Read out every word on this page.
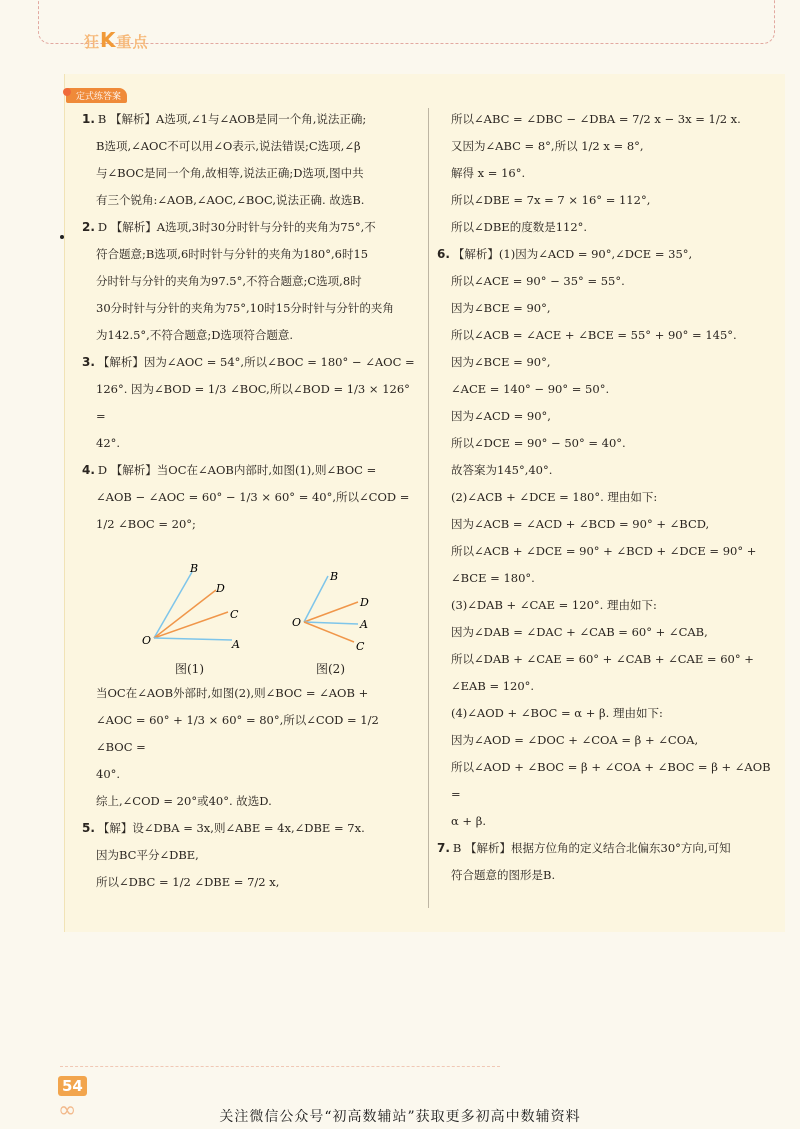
狂K重点
定式练答案

1. B 【解析】A选项,∠1与∠AOB是同一个角,说法正确;

B选项,∠AOC不可以用∠O表示,说法错误;C选项,∠β

与∠BOC是同一个角,故相等,说法正确;D选项,图中共

有三个锐角:∠AOB,∠AOC,∠BOC,说法正确. 故选B.

2. D 【解析】A选项,3时30分时针与分针的夹角为75°,不

符合题意;B选项,6时时针与分针的夹角为180°,6时15

分时针与分针的夹角为97.5°,不符合题意;C选项,8时

30分时针与分针的夹角为75°,10时15分时针与分针的夹角

为142.5°,不符合题意;D选项符合题意.

3. 【解析】因为∠AOC = 54°,所以∠BOC = 180° − ∠AOC =

126°. 因为∠BOD = 1/3 ∠BOC,所以∠BOD = 1/3 × 126° =

42°.

4. D 【解析】当OC在∠AOB内部时,如图(1),则∠BOC =

∠AOB − ∠AOC = 60° − 1/3 × 60° = 40°,所以∠COD =

1/2 ∠BOC = 20°;

B
D
C
A
O
图(1)
B
D
A
C
O
图(2)

当OC在∠AOB外部时,如图(2),则∠BOC = ∠AOB +

∠AOC = 60° + 1/3 × 60° = 80°,所以∠COD = 1/2 ∠BOC =

40°.

综上,∠COD = 20°或40°. 故选D.

5. 【解】设∠DBA = 3x,则∠ABE = 4x,∠DBE = 7x.

因为BC平分∠DBE,

所以∠DBC = 1/2 ∠DBE = 7/2 x,

所以∠ABC = ∠DBC − ∠DBA = 7/2 x − 3x = 1/2 x.

又因为∠ABC = 8°,所以 1/2 x = 8°,

解得 x = 16°.

所以∠DBE = 7x = 7 × 16° = 112°,

所以∠DBE的度数是112°.

6. 【解析】(1)因为∠ACD = 90°,∠DCE = 35°,

所以∠ACE = 90° − 35° = 55°.

因为∠BCE = 90°,

所以∠ACB = ∠ACE + ∠BCE = 55° + 90° = 145°.

因为∠BCE = 90°,

∠ACE = 140° − 90° = 50°.

因为∠ACD = 90°,

所以∠DCE = 90° − 50° = 40°.

故答案为145°,40°.

(2)∠ACB + ∠DCE = 180°. 理由如下:

因为∠ACB = ∠ACD + ∠BCD = 90° + ∠BCD,

所以∠ACB + ∠DCE = 90° + ∠BCD + ∠DCE = 90° +

∠BCE = 180°.

(3)∠DAB + ∠CAE = 120°. 理由如下:

因为∠DAB = ∠DAC + ∠CAB = 60° + ∠CAB,

所以∠DAB + ∠CAE = 60° + ∠CAB + ∠CAE = 60° +

∠EAB = 120°.

(4)∠AOD + ∠BOC = α + β. 理由如下:

因为∠AOD = ∠DOC + ∠COA = β + ∠COA,

所以∠AOD + ∠BOC = β + ∠COA + ∠BOC = β + ∠AOB =

α + β.

7. B 【解析】根据方位角的定义结合北偏东30°方向,可知

符合题意的图形是B.

54
∞	关注微信公众号“初高数辅站”获取更多初高中数辅资料
